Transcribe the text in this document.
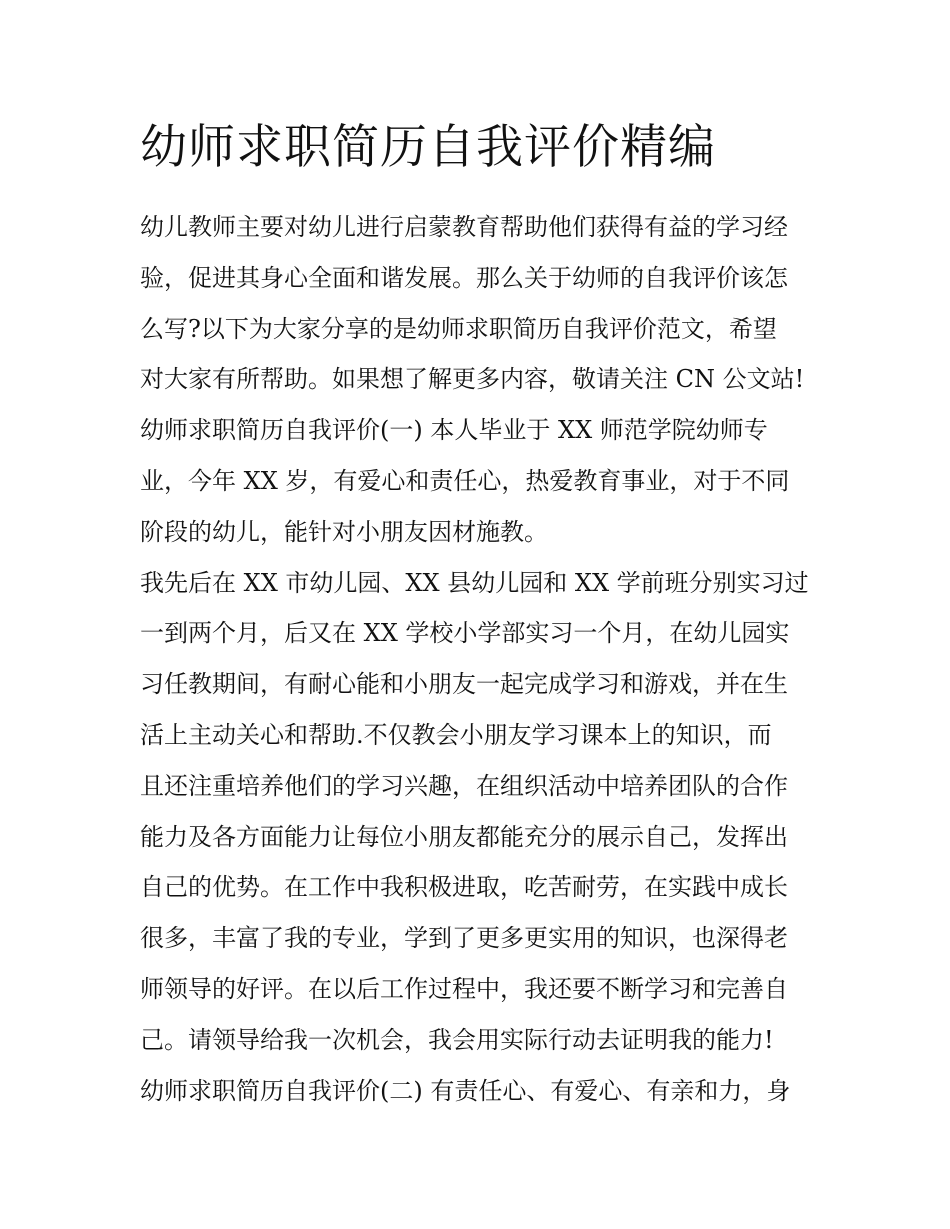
幼师求职简历自我评价精编
幼儿教师主要对幼儿进行启蒙教育帮助他们获得有益的学习经
验，促进其身心全面和谐发展。那么关于幼师的自我评价该怎
么写?以下为大家分享的是幼师求职简历自我评价范文，希望
对大家有所帮助。如果想了解更多内容，敬请关注 CN 公文站!
幼师求职简历自我评价(一) 本人毕业于 XX 师范学院幼师专
业，今年 XX 岁，有爱心和责任心，热爱教育事业，对于不同
阶段的幼儿，能针对小朋友因材施教。
我先后在 XX 市幼儿园、XX 县幼儿园和 XX 学前班分别实习过
一到两个月，后又在 XX 学校小学部实习一个月，在幼儿园实
习任教期间，有耐心能和小朋友一起完成学习和游戏，并在生
活上主动关心和帮助.不仅教会小朋友学习课本上的知识，而
且还注重培养他们的学习兴趣，在组织活动中培养团队的合作
能力及各方面能力让每位小朋友都能充分的展示自己，发挥出
自己的优势。在工作中我积极进取，吃苦耐劳，在实践中成长
很多，丰富了我的专业，学到了更多更实用的知识，也深得老
师领导的好评。在以后工作过程中，我还要不断学习和完善自
己。请领导给我一次机会，我会用实际行动去证明我的能力!
幼师求职简历自我评价(二) 有责任心、有爱心、有亲和力，身
